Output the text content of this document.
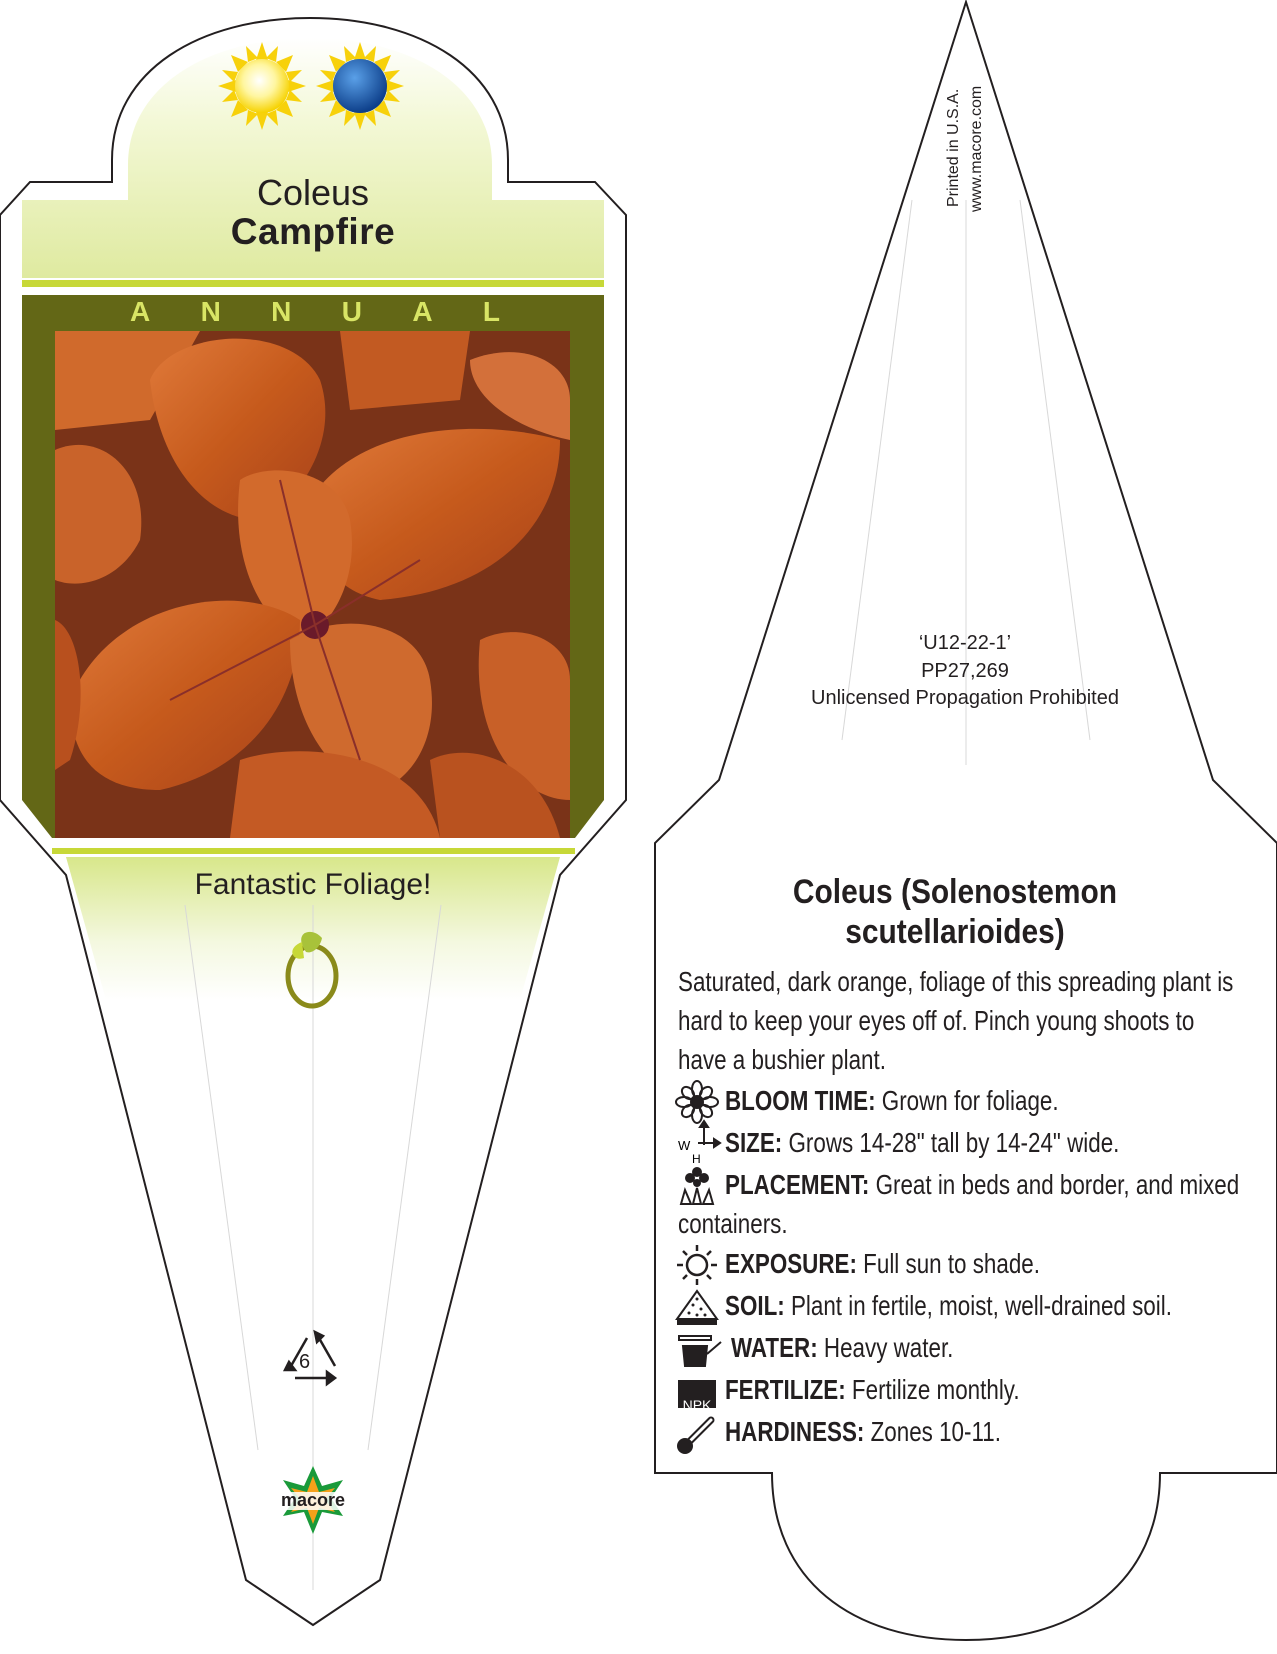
W
H
NPK
Coleus
Campfire
A N N U A L
Fantastic Foliage!
6
macore
Printed in U.S.A. www.macore.com
‘U12-22-1’
PP27,269
Unlicensed Propagation Prohibited
Coleus (Solenostemon
scutellarioides)
Saturated, dark orange, foliage of this spreading plant is
hard to keep your eyes off of. Pinch young shoots to
have a bushier plant.
BLOOM TIME: Grown for foliage.
SIZE: Grows 14-28" tall by 14-24" wide.
PLACEMENT: Great in beds and border, and mixed
containers.
EXPOSURE: Full sun to shade.
SOIL: Plant in fertile, moist, well-drained soil.
WATER: Heavy water.
FERTILIZE: Fertilize monthly.
HARDINESS: Zones 10-11.
